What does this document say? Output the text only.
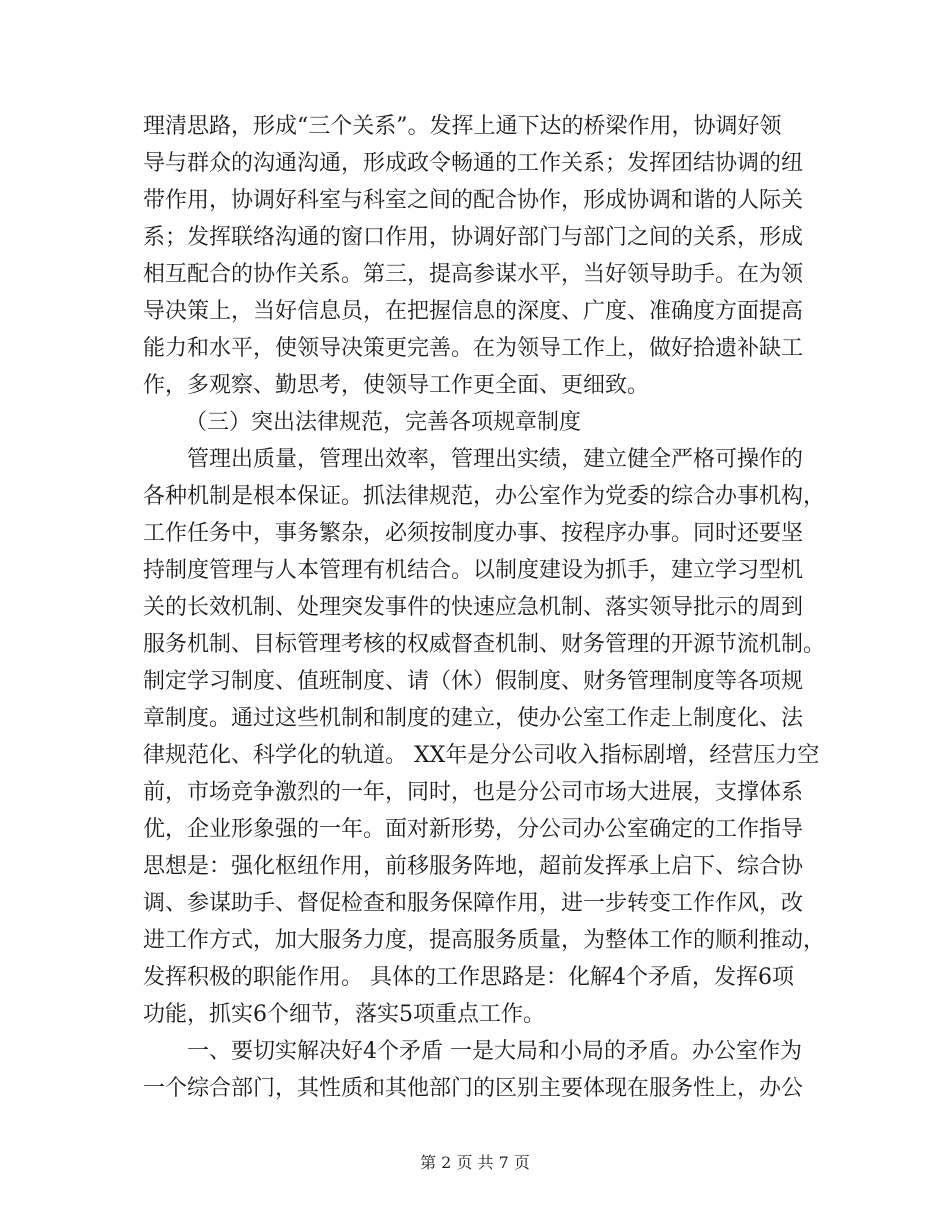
理清思路，形成“三个关系”。发挥上通下达的桥梁作用，协调好领
导与群众的沟通沟通，形成政令畅通的工作关系；发挥团结协调的纽
带作用，协调好科室与科室之间的配合协作，形成协调和谐的人际关
系；发挥联络沟通的窗口作用，协调好部门与部门之间的关系，形成
相互配合的协作关系。第三，提高参谋水平，当好领导助手。在为领
导决策上，当好信息员，在把握信息的深度、广度、准确度方面提高
能力和水平，使领导决策更完善。在为领导工作上，做好拾遗补缺工
作，多观察、勤思考，使领导工作更全面、更细致。
（三）突出法律规范，完善各项规章制度
管理出质量，管理出效率，管理出实绩，建立健全严格可操作的
各种机制是根本保证。抓法律规范，办公室作为党委的综合办事机构，
工作任务中，事务繁杂，必须按制度办事、按程序办事。同时还要坚
持制度管理与人本管理有机结合。以制度建设为抓手，建立学习型机
关的长效机制、处理突发事件的快速应急机制、落实领导批示的周到
服务机制、目标管理考核的权威督查机制、财务管理的开源节流机制。
制定学习制度、值班制度、请（休）假制度、财务管理制度等各项规
章制度。通过这些机制和制度的建立，使办公室工作走上制度化、法
律规范化、科学化的轨道。 XX年是分公司收入指标剧增，经营压力空
前，市场竞争激烈的一年，同时，也是分公司市场大进展，支撑体系
优，企业形象强的一年。面对新形势，分公司办公室确定的工作指导
思想是：强化枢纽作用，前移服务阵地，超前发挥承上启下、综合协
调、参谋助手、督促检查和服务保障作用，进一步转变工作作风，改
进工作方式，加大服务力度，提高服务质量，为整体工作的顺利推动，
发挥积极的职能作用。 具体的工作思路是：化解4个矛盾，发挥6项
功能，抓实6个细节，落实5项重点工作。
一、要切实解决好4个矛盾 一是大局和小局的矛盾。办公室作为
一个综合部门，其性质和其他部门的区别主要体现在服务性上，办公
第 2 页 共 7 页
